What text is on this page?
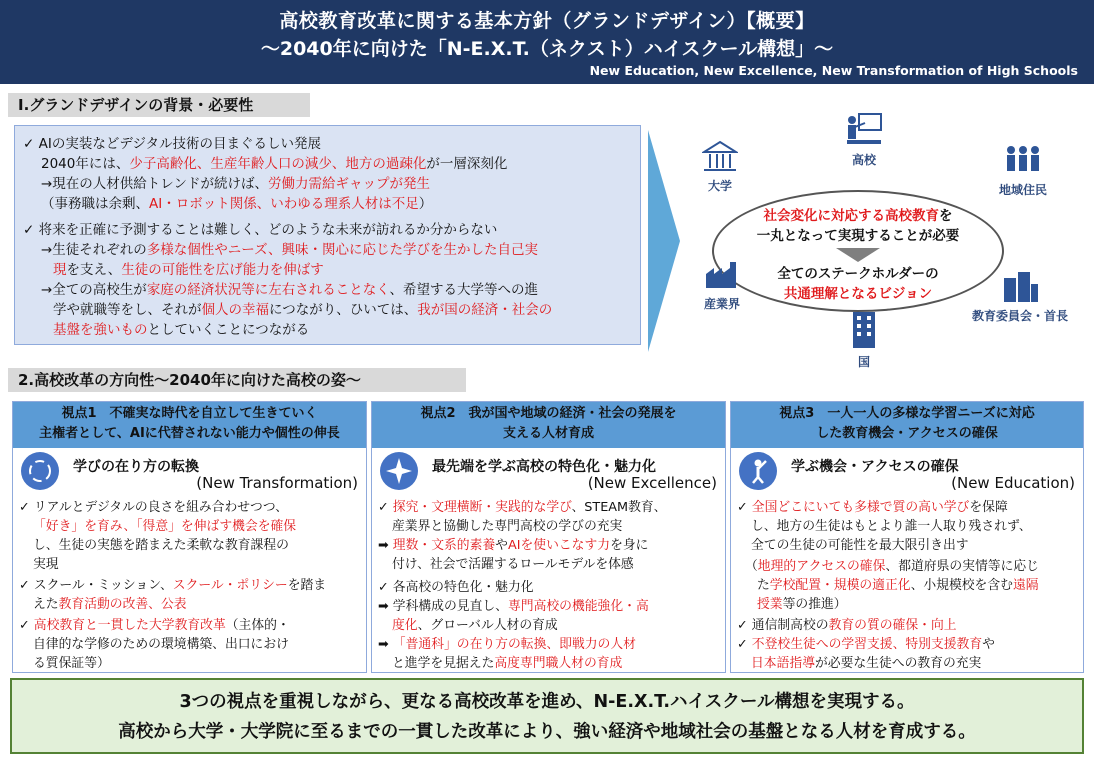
高校教育改革に関する基本方針（グランドデザイン）【概要】
〜2040年に向けた「N-E.X.T.（ネクスト）ハイスクール構想」〜
New Education, New Excellence, New Transformation of High Schools
Ⅰ.グランドデザインの背景・必要性
✓ AIの実装などデジタル技術の目まぐるしい発展
2040年には、少子高齢化、生産年齢人口の減少、地方の過疎化が一層深刻化
→現在の人材供給トレンドが続けば、労働力需給ギャップが発生
（事務職は余剰、AI・ロボット関係、いわゆる理系人材は不足）
✓ 将来を正確に予測することは難しく、どのような未来が訪れるか分からない
→生徒それぞれの多様な個性やニーズ、興味・関心に応じた学びを生かした自己実
現を支え、生徒の可能性を広げ能力を伸ばす
→全ての高校生が家庭の経済状況等に左右されることなく、希望する大学等への進
学や就職等をし、それが個人の幸福につながり、ひいては、我が国の経済・社会の
基盤を強いものとしていくことにつながる
社会変化に対応する高校教育を
一丸となって実現することが必要
全てのステークホルダーの
共通理解となるビジョン
高校
大学	地域住民
産業界
教育委員会・首長
国
2.高校改革の方向性〜2040年に向けた高校の姿〜
視点1　不確実な時代を自立して生きていく
主権者として、AIに代替されない能力や個性の伸長
学びの在り方の転換
(New Transformation)
✓ リアルとデジタルの良さを組み合わせつつ、
「好き」を育み、「得意」を伸ばす機会を確保
し、生徒の実態を踏まえた柔軟な教育課程の
実現
✓ スクール・ミッション、スクール・ポリシーを踏ま
えた教育活動の改善、公表
✓ 高校教育と一貫した大学教育改革（主体的・
自律的な学修のための環境構築、出口におけ
る質保証等）
視点2　我が国や地域の経済・社会の発展を
支える人材育成
最先端を学ぶ高校の特色化・魅力化
(New Excellence)
✓ 探究・文理横断・実践的な学び、STEAM教育、
産業界と協働した専門高校の学びの充実
➡ 理数・文系的素養やAIを使いこなす力を身に
付け、社会で活躍するロールモデルを体感
✓ 各高校の特色化・魅力化
➡ 学科構成の見直し、専門高校の機能強化・高
度化、グローバル人材の育成
➡ 「普通科」の在り方の転換、即戦力の人材
と進学を見据えた高度専門職人材の育成
視点3　一人一人の多様な学習ニーズに対応
した教育機会・アクセスの確保
学ぶ機会・アクセスの確保
(New Education)
✓ 全国どこにいても多様で質の高い学びを保障
し、地方の生徒はもとより誰一人取り残されず、
全ての生徒の可能性を最大限引き出す
（地理的アクセスの確保、都道府県の実情等に応じ
た学校配置・規模の適正化、小規模校を含む遠隔
授業等の推進）
✓ 通信制高校の教育の質の確保・向上
✓ 不登校生徒への学習支援、特別支援教育や
日本語指導が必要な生徒への教育の充実
3つの視点を重視しながら、更なる高校改革を進め、N-E.X.T.ハイスクール構想を実現する。
高校から大学・大学院に至るまでの一貫した改革により、強い経済や地域社会の基盤となる人材を育成する。
